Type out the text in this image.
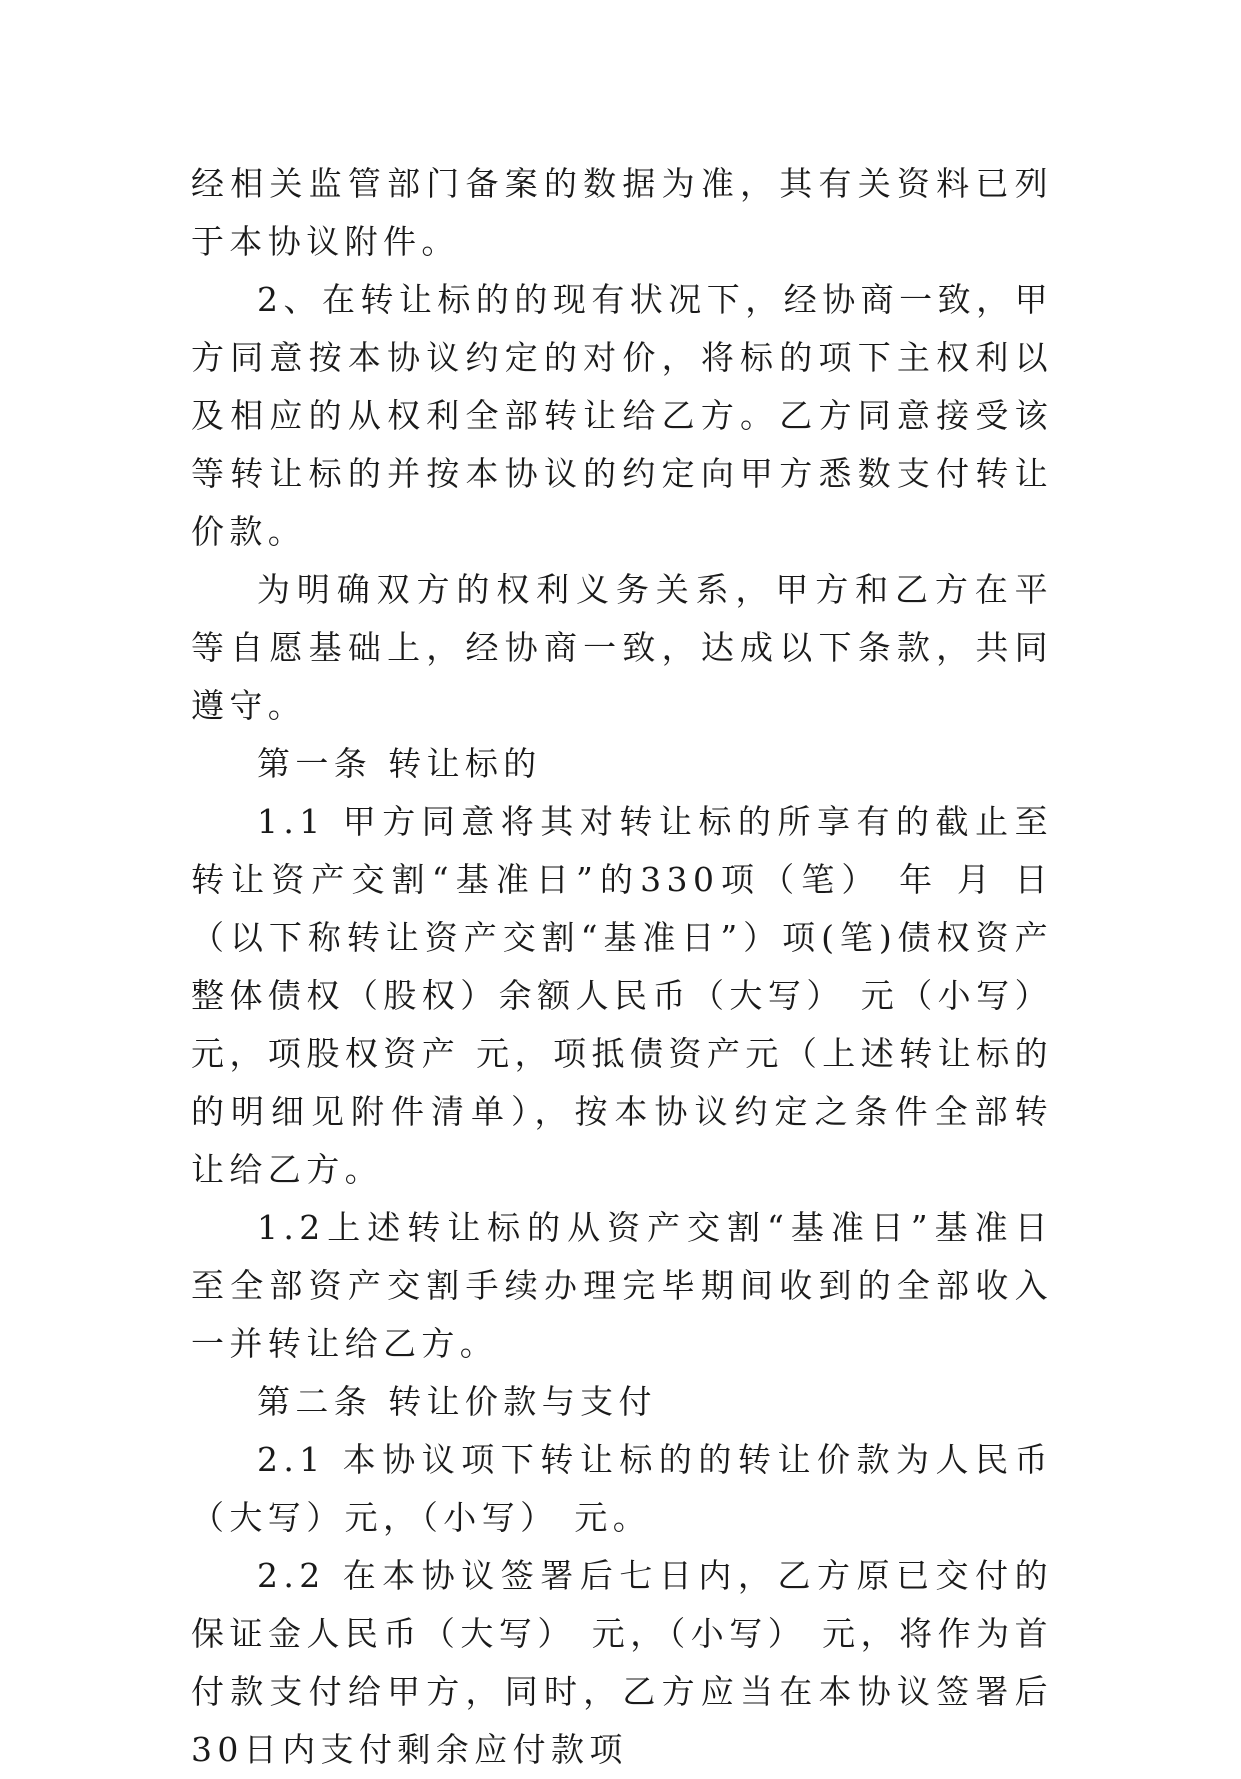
经相关监管部门备案的数据为准，其有关资料已列于本协议附件。

2、在转让标的的现有状况下，经协商一致，甲方同意按本协议约定的对价，将标的项下主权利以及相应的从权利全部转让给乙方。乙方同意接受该等转让标的并按本协议的约定向甲方悉数支付转让价款。

为明确双方的权利义务关系，甲方和乙方在平等自愿基础上，经协商一致，达成以下条款，共同遵守。

第一条 转让标的

1.1 甲方同意将其对转让标的所享有的截止至转让资产交割“基准日”的330项（笔） 年 月 日（以下称转让资产交割“基准日”）项(笔)债权资产整体债权（股权）余额人民币（大写） 元（小写） 元，项股权资产 元，项抵债资产元（上述转让标的的明细见附件清单），按本协议约定之条件全部转让给乙方。

1.2上述转让标的从资产交割“基准日”基准日至全部资产交割手续办理完毕期间收到的全部收入一并转让给乙方。

第二条 转让价款与支付

2.1 本协议项下转让标的的转让价款为人民币（大写）元，（小写） 元。

2.2 在本协议签署后七日内，乙方原已交付的保证金人民币（大写） 元，（小写） 元，将作为首付款支付给甲方，同时，乙方应当在本协议签署后30日内支付剩余应付款项
